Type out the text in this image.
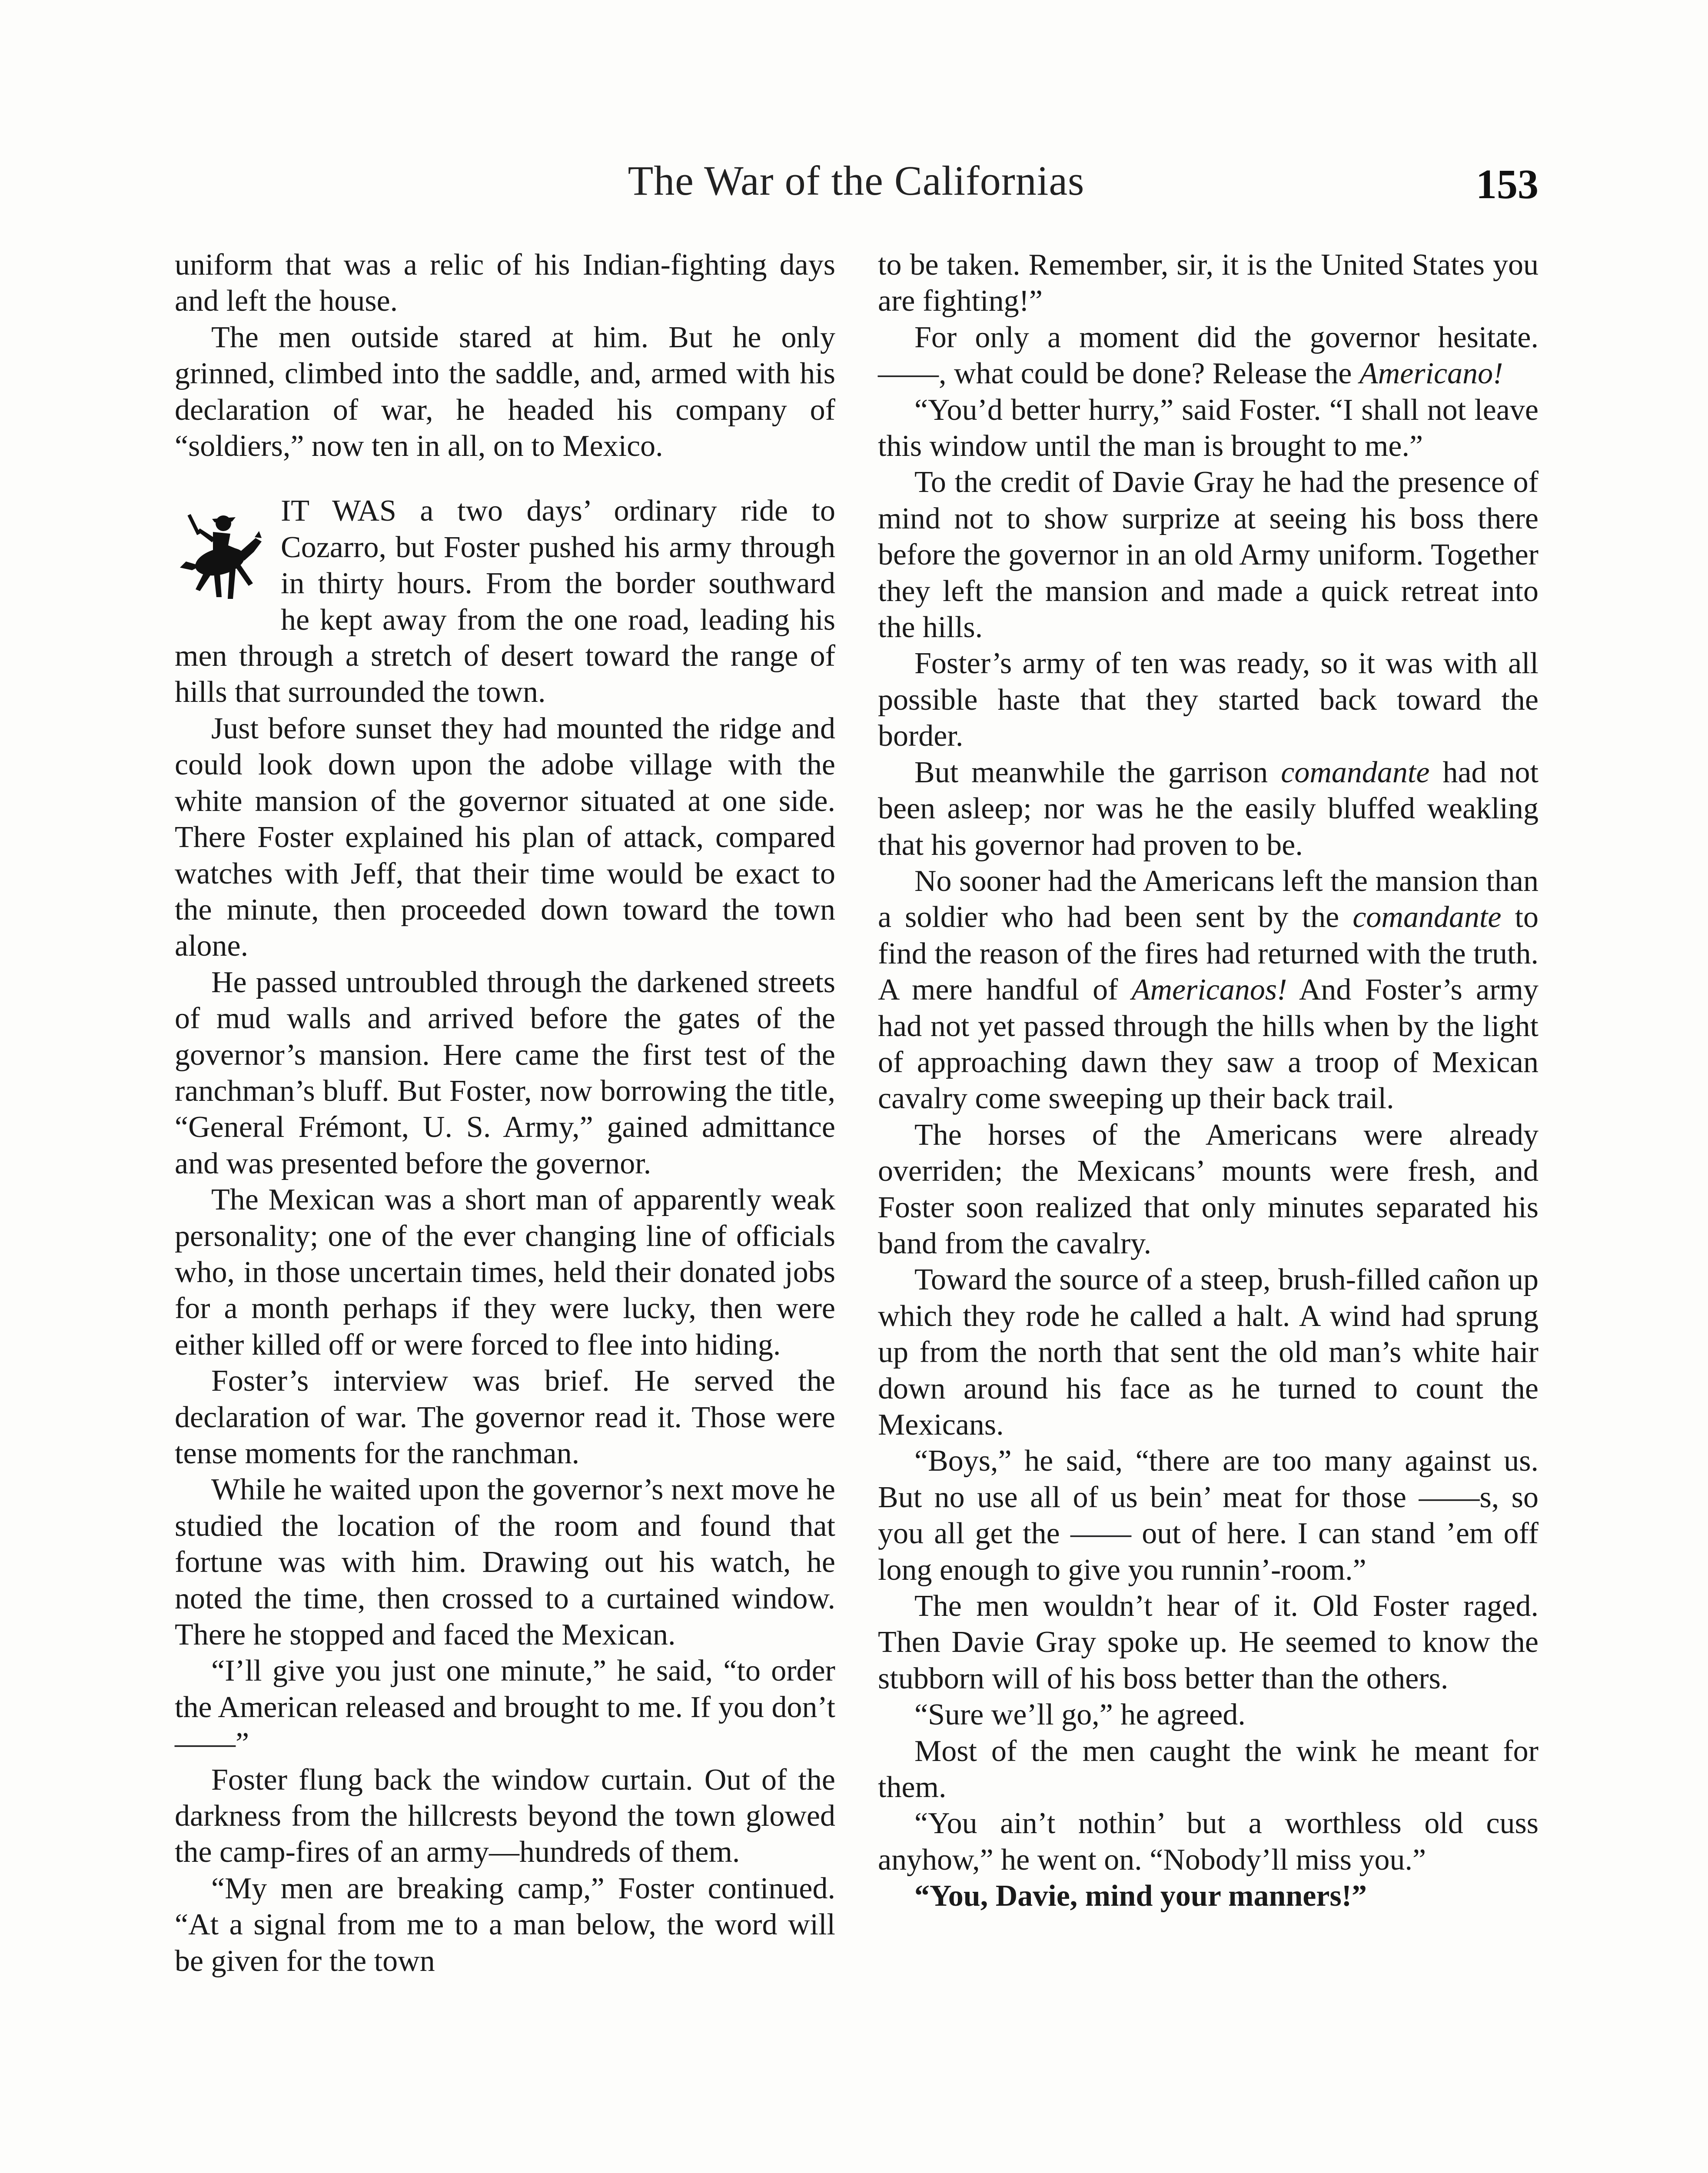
The War of the Californias	153

uniform that was a relic of his Indian-fighting days and left the house.

The men outside stared at him. But he only grinned, climbed into the saddle, and, armed with his declaration of war, he headed his company of “soldiers,” now ten in all, on to Mexico.

IT WAS a two days’ ordinary ride to Cozarro, but Foster pushed his army through in thirty hours. From the border southward he kept away from the one road, leading his men through a stretch of desert toward the range of hills that surrounded the town.

Just before sunset they had mounted the ridge and could look down upon the adobe village with the white mansion of the governor situated at one side. There Foster explained his plan of attack, compared watches with Jeff, that their time would be exact to the minute, then proceeded down toward the town alone.

He passed untroubled through the darkened streets of mud walls and arrived before the gates of the governor’s mansion. Here came the first test of the ranchman’s bluff. But Foster, now borrowing the title, “General Frémont, U. S. Army,” gained admittance and was presented before the governor.

The Mexican was a short man of apparently weak personality; one of the ever changing line of officials who, in those uncertain times, held their donated jobs for a month perhaps if they were lucky, then were either killed off or were forced to flee into hiding.

Foster’s interview was brief. He served the declaration of war. The governor read it. Those were tense moments for the ranchman.

While he waited upon the governor’s next move he studied the location of the room and found that fortune was with him. Drawing out his watch, he noted the time, then crossed to a curtained window. There he stopped and faced the Mexican.

“I’ll give you just one minute,” he said, “to order the American released and brought to me. If you don’t——”

Foster flung back the window curtain. Out of the darkness from the hillcrests beyond the town glowed the camp-fires of an army—hundreds of them.

“My men are breaking camp,” Foster continued. “At a signal from me to a man below, the word will be given for the town

to be taken. Remember, sir, it is the United States you are fighting!”

For only a moment did the governor hesitate. ——, what could be done? Release the Americano!

“You’d better hurry,” said Foster. “I shall not leave this window until the man is brought to me.”

To the credit of Davie Gray he had the presence of mind not to show surprize at seeing his boss there before the governor in an old Army uniform. Together they left the mansion and made a quick retreat into the hills.

Foster’s army of ten was ready, so it was with all possible haste that they started back toward the border.

But meanwhile the garrison comandante had not been asleep; nor was he the easily bluffed weakling that his governor had proven to be.

No sooner had the Americans left the mansion than a soldier who had been sent by the comandante to find the reason of the fires had returned with the truth. A mere handful of Americanos! And Foster’s army had not yet passed through the hills when by the light of approaching dawn they saw a troop of Mexican cavalry come sweeping up their back trail.

The horses of the Americans were already overriden; the Mexicans’ mounts were fresh, and Foster soon realized that only minutes separated his band from the cavalry.

Toward the source of a steep, brush-filled cañon up which they rode he called a halt. A wind had sprung up from the north that sent the old man’s white hair down around his face as he turned to count the Mexicans.

“Boys,” he said, “there are too many against us. But no use all of us bein’ meat for those ——s, so you all get the —— out of here. I can stand ’em off long enough to give you runnin’-room.”

The men wouldn’t hear of it. Old Foster raged. Then Davie Gray spoke up. He seemed to know the stubborn will of his boss better than the others.

“Sure we’ll go,” he agreed.

Most of the men caught the wink he meant for them.

“You ain’t nothin’ but a worthless old cuss anyhow,” he went on. “Nobody’ll miss you.”

“You, Davie, mind your manners!”
